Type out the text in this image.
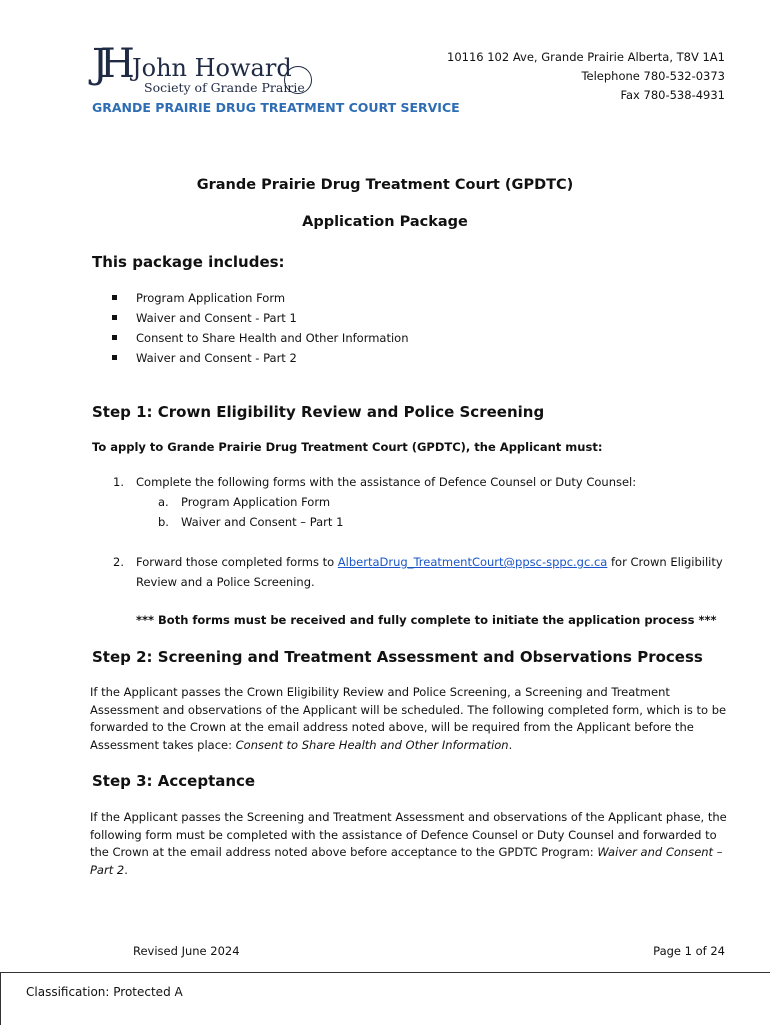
JH John Howard
Society of Grande Prairie
GRANDE PRAIRIE DRUG TREATMENT COURT SERVICE
10116 102 Ave, Grande Prairie Alberta, T8V 1A1
Telephone 780-532-0373
Fax 780-538-4931
Grande Prairie Drug Treatment Court (GPDTC)
Application Package
This package includes:
Program Application Form
Waiver and Consent - Part 1
Consent to Share Health and Other Information
Waiver and Consent - Part 2
Step 1: Crown Eligibility Review and Police Screening
To apply to Grande Prairie Drug Treatment Court (GPDTC), the Applicant must:
1. Complete the following forms with the assistance of Defence Counsel or Duty Counsel:
a. Program Application Form
b. Waiver and Consent – Part 1
2. Forward those completed forms to AlbertaDrug_TreatmentCourt@ppsc-sppc.gc.ca for Crown Eligibility
Review and a Police Screening.
*** Both forms must be received and fully complete to initiate the application process ***
Step 2: Screening and Treatment Assessment and Observations Process
If the Applicant passes the Crown Eligibility Review and Police Screening, a Screening and Treatment Assessment and observations of the Applicant will be scheduled. The following completed form, which is to be forwarded to the Crown at the email address noted above, will be required from the Applicant before the Assessment takes place: Consent to Share Health and Other Information.
Step 3: Acceptance
If the Applicant passes the Screening and Treatment Assessment and observations of the Applicant phase, the following form must be completed with the assistance of Defence Counsel or Duty Counsel and forwarded to the Crown at the email address noted above before acceptance to the GPDTC Program: Waiver and Consent – Part 2.
Revised June 2024	Page 1 of 24
Classification: Protected A
